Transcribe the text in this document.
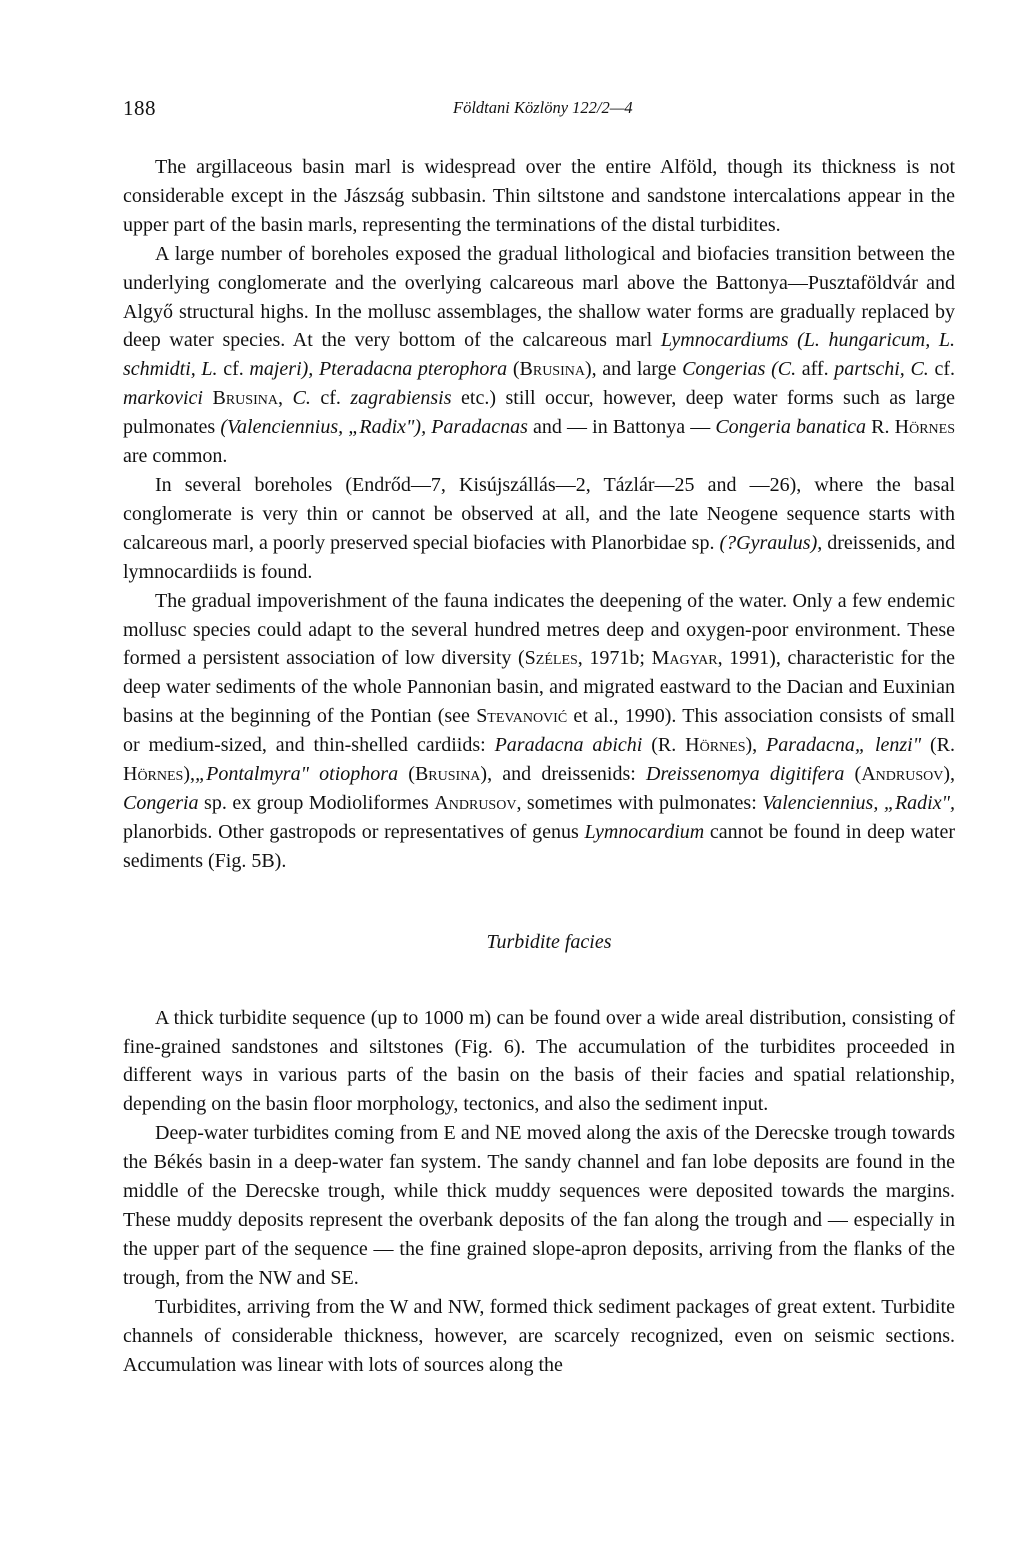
188	Földtani Közlöny 122/2—4

The argillaceous basin marl is widespread over the entire Alföld, though its thickness is not considerable except in the Jászság subbasin. Thin siltstone and sandstone intercalations appear in the upper part of the basin marls, representing the terminations of the distal turbidites.

A large number of boreholes exposed the gradual lithological and biofacies transition between the underlying conglomerate and the overlying calcareous marl above the Battonya—Pusztaföldvár and Algyő structural highs. In the mollusc assemblages, the shallow water forms are gradually replaced by deep water species. At the very bottom of the calcareous marl Lymnocardiums (L. hungaricum, L. schmidti, L. cf. majeri), Pteradacna pterophora (Brusina), and large Congerias (C. aff. partschi, C. cf. markovici Brusina, C. cf. zagrabiensis etc.) still occur, however, deep water forms such as large pulmonates (Valenciennius, „Radix"), Paradacnas and — in Battonya — Congeria banatica R. Hörnes are common.

In several boreholes (Endrőd—7, Kisújszállás—2, Tázlár—25 and —26), where the basal conglomerate is very thin or cannot be observed at all, and the late Neogene sequence starts with calcareous marl, a poorly preserved special biofacies with Planorbidae sp. (?Gyraulus), dreissenids, and lymnocardiids is found.

The gradual impoverishment of the fauna indicates the deepening of the water. Only a few endemic mollusc species could adapt to the several hundred metres deep and oxygen-poor environment. These formed a persistent association of low diversity (Széles, 1971b; Magyar, 1991), characteristic for the deep water sediments of the whole Pannonian basin, and migrated eastward to the Dacian and Euxinian basins at the beginning of the Pontian (see Stevanović et al., 1990). This association consists of small or medium-sized, and thin-shelled cardiids: Paradacna abichi (R. Hörnes), Paradacna„ lenzi" (R. Hörnes),„Pontalmyra" otiophora (Brusina), and dreissenids: Dreissenomya digitifera (Andrusov), Congeria sp. ex group Modioliformes Andrusov, sometimes with pulmonates: Valenciennius, „Radix", planorbids. Other gastropods or representatives of genus Lymnocardium cannot be found in deep water sediments (Fig. 5B).

Turbidite facies

A thick turbidite sequence (up to 1000 m) can be found over a wide areal distribution, consisting of fine-grained sandstones and siltstones (Fig. 6). The accumulation of the turbidites proceeded in different ways in various parts of the basin on the basis of their facies and spatial relationship, depending on the basin floor morphology, tectonics, and also the sediment input.

Deep-water turbidites coming from E and NE moved along the axis of the Derecske trough towards the Békés basin in a deep-water fan system. The sandy channel and fan lobe deposits are found in the middle of the Derecske trough, while thick muddy sequences were deposited towards the margins. These muddy deposits represent the overbank deposits of the fan along the trough and — especially in the upper part of the sequence — the fine grained slope-apron deposits, arriving from the flanks of the trough, from the NW and SE.

Turbidites, arriving from the W and NW, formed thick sediment packages of great extent. Turbidite channels of considerable thickness, however, are scarcely recognized, even on seismic sections. Accumulation was linear with lots of sources along the
